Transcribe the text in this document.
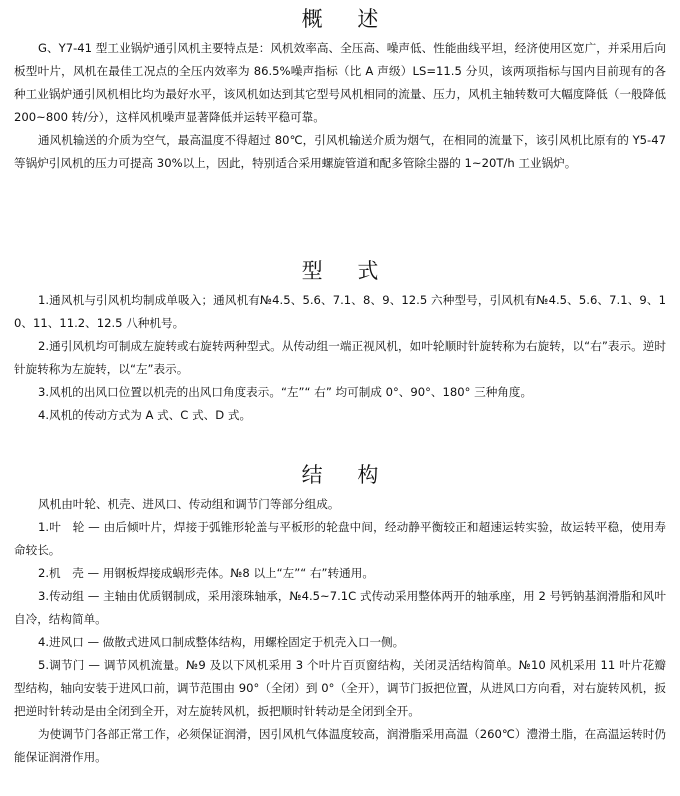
概 述

G、Y7-41 型工业锅炉通引风机主要特点是：风机效率高、全压高、噪声低、性能曲线平坦，经济使用区宽广，并采用后向板型叶片，风机在最佳工况点的全压内效率为 86.5%噪声指标（比 A 声级）LS=11.5 分贝，该两项指标与国内目前现有的各种工业锅炉通引风机相比均为最好水平，该风机如达到其它型号风机相同的流量、压力，风机主轴转数可大幅度降低（一般降低 200~800 转/分），这样风机噪声显著降低并运转平稳可靠。

通风机输送的介质为空气，最高温度不得超过 80℃，引风机输送介质为烟气，在相同的流量下，该引风机比原有的 Y5-47 等锅炉引风机的压力可提高 30%以上，因此，特别适合采用螺旋管道和配多管除尘器的 1~20T/h 工业锅炉。

型 式

1.通风机与引风机均制成单吸入；通风机有№4.5、5.6、7.1、8、9、12.5 六种型号，引风机有№4.5、5.6、7.1、9、10、11、11.2、12.5 八种机号。

2.通引风机均可制成左旋转或右旋转两种型式。从传动组一端正视风机，如叶轮顺时针旋转称为右旋转，以“右”表示。逆时针旋转称为左旋转，以“左”表示。

3.风机的出风口位置以机壳的出风口角度表示。“左”“ 右” 均可制成 0°、90°、180° 三种角度。

4.风机的传动方式为 A 式、C 式、D 式。

结 构

风机由叶轮、机壳、进风口、传动组和调节门等部分组成。

1.叶　轮 — 由后倾叶片，焊接于弧锥形轮盖与平板形的轮盘中间，经动静平衡较正和超速运转实验，故运转平稳，使用寿命较长。

2.机　壳 — 用钢板焊接成蜗形壳体。№8 以上“左”“ 右”转通用。

3.传动组 — 主轴由优质钢制成，采用滚珠轴承，№4.5~7.1C 式传动采用整体两开的轴承座，用 2 号钙钠基润滑脂和风叶自冷，结构简单。

4.进风口 — 做散式进风口制成整体结构，用螺栓固定于机壳入口一侧。

5.调节门 — 调节风机流量。№9 及以下风机采用 3 个叶片百页窗结构，关闭灵活结构简单。№10 风机采用 11 叶片花瓣型结构，轴向安装于进风口前，调节范围由 90°（全闭）到 0°（全开），调节门扳把位置，从进风口方向看，对右旋转风机，扳把逆时针转动是由全闭到全开，对左旋转风机，扳把顺时针转动是全闭到全开。

为使调节门各部正常工作，必须保证润滑，因引风机气体温度较高，润滑脂采用高温（260℃）澧滑土脂，在高温运转时仍能保证润滑作用。
